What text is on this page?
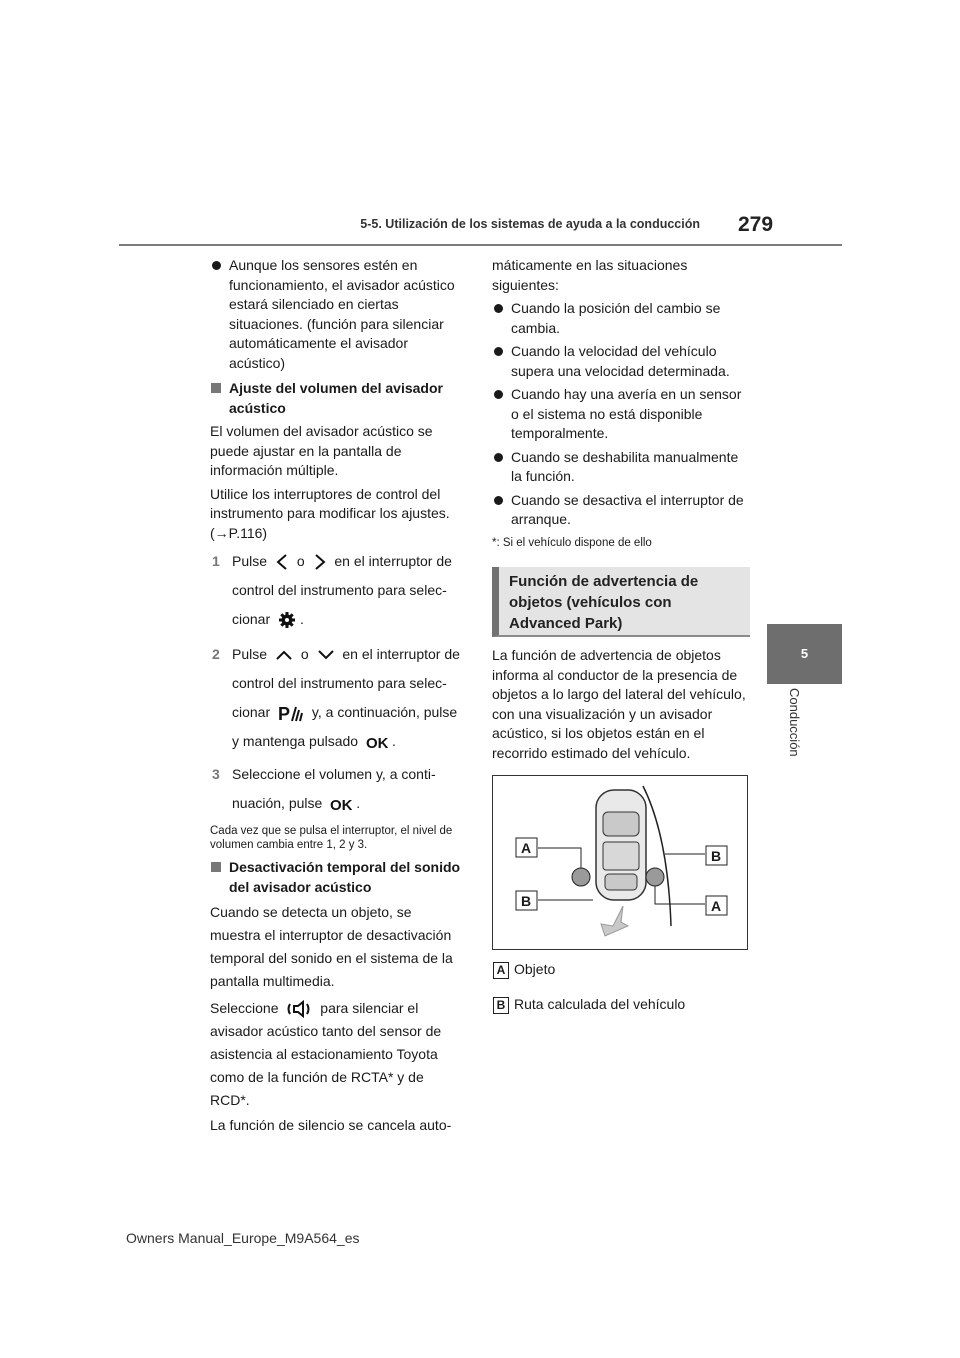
5-5. Utilización de los sistemas de ayuda a la conducción 279
5
Conducción
Aunque los sensores estén en funcionamiento, el avisador acústico estará silenciado en ciertas situaciones. (función para silenciar automáticamente el avisador acústico)
Ajuste del volumen del avisador acústico

El volumen del avisador acústico se puede ajustar en la pantalla de información múltiple.

Utilice los interruptores de control del instrumento para modificar los ajustes. (→P.116)

1 Pulse o en el interruptor de
control del instrumento para selec-
cionar .
2 Pulse o en el interruptor de
control del instrumento para selec-
cionar P y, a continuación, pulse
y mantenga pulsado OK .
3 Seleccione el volumen y, a conti-
nuación, pulse OK .
Cada vez que se pulsa el interruptor, el nivel de volumen cambia entre 1, 2 y 3.
Desactivación temporal del sonido del avisador acústico

Cuando se detecta un objeto, se muestra el interruptor de desactivación temporal del sonido en el sistema de la pantalla multimedia.

Seleccione	para silenciar el avisador acústico tanto del sensor de asistencia al estacionamiento Toyota como de la función de RCTA* y de RCD*.

La función de silencio se cancela auto-

máticamente en las situaciones siguientes:

Cuando la posición del cambio se cambia.
Cuando la velocidad del vehículo supera una velocidad determinada.
Cuando hay una avería en un sensor o el sistema no está disponible temporalmente.
Cuando se deshabilita manualmente la función.
Cuando se desactiva el interruptor de arranque.
*: Si el vehículo dispone de ello
Función de advertencia de objetos (vehículos con Advanced Park)
La función de advertencia de objetos informa al conductor de la presencia de objetos a lo largo del lateral del vehículo, con una visualización y un avisador acústico, si los objetos están en el recorrido estimado del vehículo.
A
B
B
A
A Objeto
B Ruta calculada del vehículo
Owners Manual_Europe_M9A564_es
